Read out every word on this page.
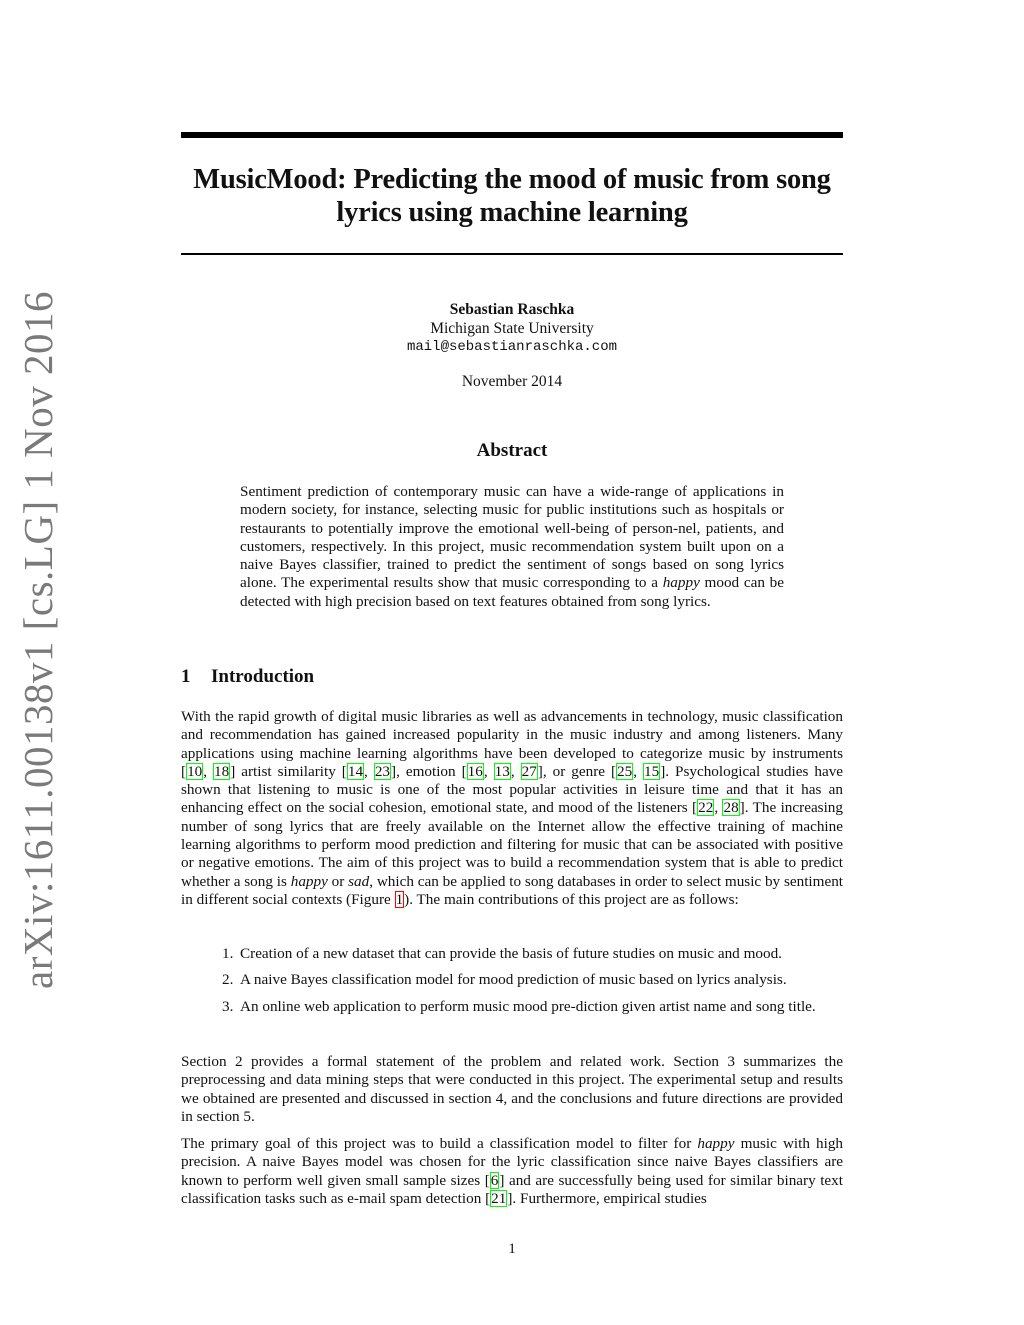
arXiv:1611.00138v1 [cs.LG] 1 Nov 2016
MusicMood: Predicting the mood of music from song
lyrics using machine learning
Sebastian Raschka
Michigan State University
mail@sebastianraschka.com
November 2014
Abstract
Sentiment prediction of contemporary music can have a wide-range of applications in modern society, for instance, selecting music for public institutions such as hospitals or restaurants to potentially improve the emotional well-being of person-nel, patients, and customers, respectively. In this project, music recommendation system built upon on a naive Bayes classifier, trained to predict the sentiment of songs based on song lyrics alone. The experimental results show that music corresponding to a happy mood can be detected with high precision based on text features obtained from song lyrics.
1 Introduction
With the rapid growth of digital music libraries as well as advancements in technology, music classification and recommendation has gained increased popularity in the music industry and among listeners. Many applications using machine learning algorithms have been developed to categorize music by instruments [10, 18] artist similarity [14, 23], emotion [16, 13, 27], or genre [25, 15]. Psychological studies have shown that listening to music is one of the most popular activities in leisure time and that it has an enhancing effect on the social cohesion, emotional state, and mood of the listeners [22, 28]. The increasing number of song lyrics that are freely available on the Internet allow the effective training of machine learning algorithms to perform mood prediction and filtering for music that can be associated with positive or negative emotions. The aim of this project was to build a recommendation system that is able to predict whether a song is happy or sad, which can be applied to song databases in order to select music by sentiment in different social contexts (Figure 1). The main contributions of this project are as follows:
1. Creation of a new dataset that can provide the basis of future studies on music and mood.
2. A naive Bayes classification model for mood prediction of music based on lyrics analysis.
3. An online web application to perform music mood pre-diction given artist name and song title.
Section 2 provides a formal statement of the problem and related work. Section 3 summarizes the preprocessing and data mining steps that were conducted in this project. The experimental setup and results we obtained are presented and discussed in section 4, and the conclusions and future directions are provided in section 5.
The primary goal of this project was to build a classification model to filter for happy music with high precision. A naive Bayes model was chosen for the lyric classification since naive Bayes classifiers are known to perform well given small sample sizes [6] and are successfully being used for similar binary text classification tasks such as e-mail spam detection [21]. Furthermore, empirical studies
1
